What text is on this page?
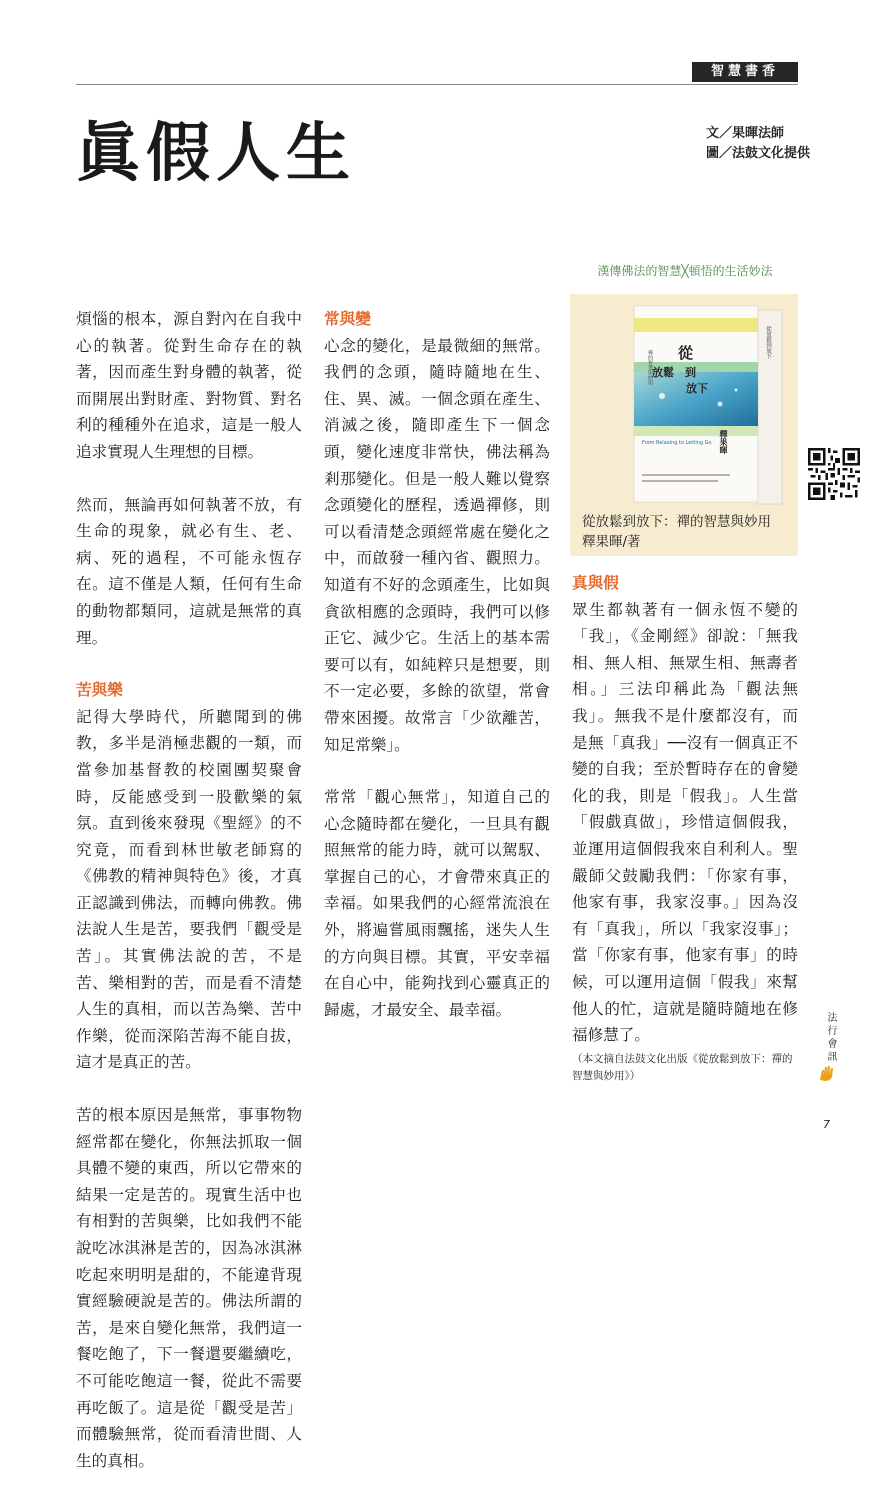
智慧書香
眞假人生	文／果暉法師
圖／法鼓文化提供
漢傳佛法的智慧╳頓悟的生活妙法
從
放鬆　到
放下
禪的智慧與妙用
釋果暉
From Relaxing to Letting Go
從放鬆到放下
從放鬆到放下：禪的智慧與妙用
釋果暉/著

煩惱的根本，源自對內在自我中心的執著。從對生命存在的執著，因而產生對身體的執著，從而開展出對財產、對物質、對名利的種種外在追求，這是一般人追求實現人生理想的目標。

然而，無論再如何執著不放，有生命的現象，就必有生、老、病、死的過程，不可能永恆存在。這不僅是人類，任何有生命的動物都類同，這就是無常的真理。

苦與樂

記得大學時代，所聽聞到的佛教，多半是消極悲觀的一類，而當參加基督教的校園團契聚會時，反能感受到一股歡樂的氣氛。直到後來發現《聖經》的不究竟，而看到林世敏老師寫的《佛教的精神與特色》後，才真正認識到佛法，而轉向佛教。佛法說人生是苦，要我們「觀受是苦」。其實佛法說的苦，不是苦、樂相對的苦，而是看不清楚人生的真相，而以苦為樂、苦中作樂，從而深陷苦海不能自拔，這才是真正的苦。

苦的根本原因是無常，事事物物經常都在變化，你無法抓取一個具體不變的東西，所以它帶來的結果一定是苦的。現實生活中也有相對的苦與樂，比如我們不能說吃冰淇淋是苦的，因為冰淇淋吃起來明明是甜的，不能違背現實經驗硬說是苦的。佛法所謂的苦，是來自變化無常，我們這一餐吃飽了，下一餐還要繼續吃，不可能吃飽這一餐，從此不需要再吃飯了。這是從「觀受是苦」而體驗無常，從而看清世間、人生的真相。

常與變

心念的變化，是最微細的無常。我們的念頭，隨時隨地在生、住、異、滅。一個念頭在產生、消滅之後，隨即產生下一個念頭，變化速度非常快，佛法稱為剎那變化。但是一般人難以覺察念頭變化的歷程，透過禪修，則可以看清楚念頭經常處在變化之中，而啟發一種內省、觀照力。知道有不好的念頭產生，比如與貪欲相應的念頭時，我們可以修正它、減少它。生活上的基本需要可以有，如純粹只是想要，則不一定必要，多餘的欲望，常會帶來困擾。故常言「少欲離苦，知足常樂」。

常常「觀心無常」，知道自己的心念隨時都在變化，一旦具有觀照無常的能力時，就可以駕馭、掌握自己的心，才會帶來真正的幸福。如果我們的心經常流浪在外，將遍嘗風雨飄搖，迷失人生的方向與目標。其實，平安幸福在自心中，能夠找到心靈真正的歸處，才最安全、最幸福。

真與假

眾生都執著有一個永恆不變的「我」，《金剛經》卻說：「無我相、無人相、無眾生相、無壽者相。」三法印稱此為「觀法無我」。無我不是什麼都沒有，而是無「真我」──沒有一個真正不變的自我；至於暫時存在的會變化的我，則是「假我」。人生當「假戲真做」，珍惜這個假我，並運用這個假我來自利利人。聖嚴師父鼓勵我們：「你家有事，他家有事，我家沒事。」因為沒有「真我」，所以「我家沒事」；當「你家有事，他家有事」的時候，可以運用這個「假我」來幫他人的忙，這就是隨時隨地在修福修慧了。

（本文摘自法鼓文化出版《從放鬆到放下：禪的智慧與妙用》）
法行會訊
7
